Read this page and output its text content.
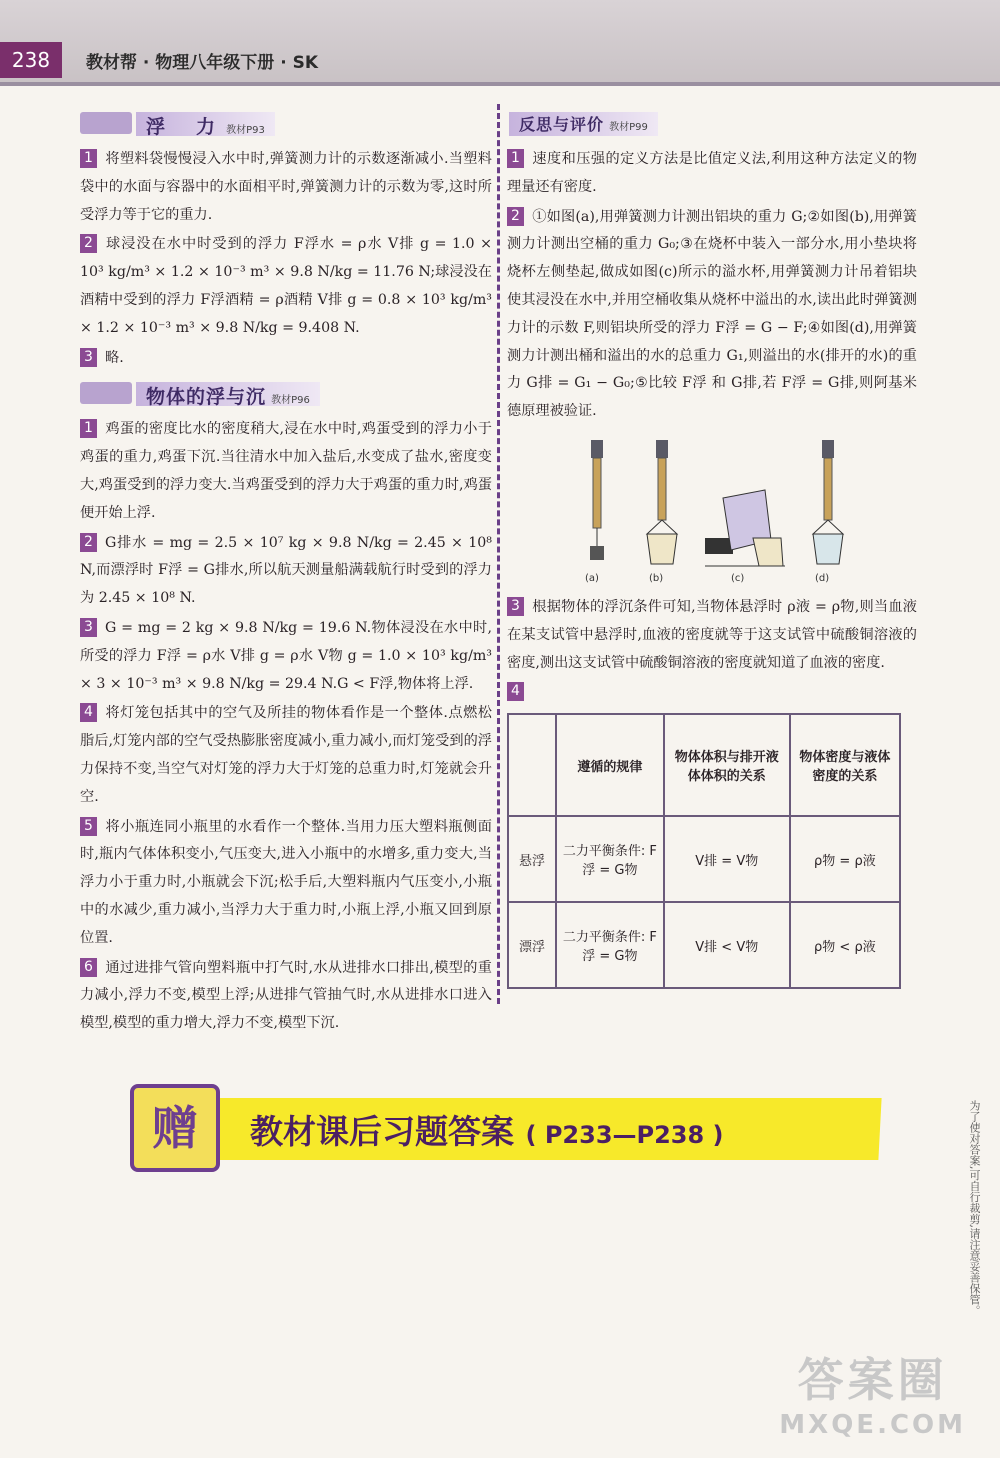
238	教材帮 · 物理八年级下册 · SK
浮　力 教材P93
1 将塑料袋慢慢浸入水中时,弹簧测力计的示数逐渐减小.当塑料袋中的水面与容器中的水面相平时,弹簧测力计的示数为零,这时所受浮力等于它的重力.
2 球浸没在水中时受到的浮力 F浮水 = ρ水 V排 g = 1.0 × 10³ kg/m³ × 1.2 × 10⁻³ m³ × 9.8 N/kg = 11.76 N;球浸没在酒精中受到的浮力 F浮酒精 = ρ酒精 V排 g = 0.8 × 10³ kg/m³ × 1.2 × 10⁻³ m³ × 9.8 N/kg = 9.408 N.
3 略.
物体的浮与沉 教材P96
1 鸡蛋的密度比水的密度稍大,浸在水中时,鸡蛋受到的浮力小于鸡蛋的重力,鸡蛋下沉.当往清水中加入盐后,水变成了盐水,密度变大,鸡蛋受到的浮力变大.当鸡蛋受到的浮力大于鸡蛋的重力时,鸡蛋便开始上浮.
2 G排水 = mg = 2.5 × 10⁷ kg × 9.8 N/kg = 2.45 × 10⁸ N,而漂浮时 F浮 = G排水,所以航天测量船满载航行时受到的浮力为 2.45 × 10⁸ N.
3 G = mg = 2 kg × 9.8 N/kg = 19.6 N.物体浸没在水中时,所受的浮力 F浮 = ρ水 V排 g = ρ水 V物 g = 1.0 × 10³ kg/m³ × 3 × 10⁻³ m³ × 9.8 N/kg = 29.4 N.G < F浮,物体将上浮.
4 将灯笼包括其中的空气及所挂的物体看作是一个整体.点燃松脂后,灯笼内部的空气受热膨胀密度减小,重力减小,而灯笼受到的浮力保持不变,当空气对灯笼的浮力大于灯笼的总重力时,灯笼就会升空.
5 将小瓶连同小瓶里的水看作一个整体.当用力压大塑料瓶侧面时,瓶内气体体积变小,气压变大,进入小瓶中的水增多,重力变大,当浮力小于重力时,小瓶就会下沉;松手后,大塑料瓶内气压变小,小瓶中的水减少,重力减小,当浮力大于重力时,小瓶上浮,小瓶又回到原位置.
6 通过进排气管向塑料瓶中打气时,水从进排水口排出,模型的重力减小,浮力不变,模型上浮;从进排气管抽气时,水从进排水口进入模型,模型的重力增大,浮力不变,模型下沉.
反思与评价 教材P99
1 速度和压强的定义方法是比值定义法,利用这种方法定义的物理量还有密度.
2 ①如图(a),用弹簧测力计测出铝块的重力 G;②如图(b),用弹簧测力计测出空桶的重力 G₀;③在烧杯中装入一部分水,用小垫块将烧杯左侧垫起,做成如图(c)所示的溢水杯,用弹簧测力计吊着铝块使其浸没在水中,并用空桶收集从烧杯中溢出的水,读出此时弹簧测力计的示数 F,则铝块所受的浮力 F浮 = G − F;④如图(d),用弹簧测力计测出桶和溢出的水的总重力 G₁,则溢出的水(排开的水)的重力 G排 = G₁ − G₀;⑤比较 F浮 和 G排,若 F浮 = G排,则阿基米德原理被验证.
(a)	(b)	(c)	(d)
3 根据物体的浮沉条件可知,当物体悬浮时 ρ液 = ρ物,则当血液在某支试管中悬浮时,血液的密度就等于这支试管中硫酸铜溶液的密度,测出这支试管中硫酸铜溶液的密度就知道了血液的密度.
4
	遵循的规律	物体体积与排开液体体积的关系	物体密度与液体密度的关系
悬浮	二力平衡条件: F浮 = G物	V排 = V物	ρ物 = ρ液
漂浮	二力平衡条件: F浮 = G物	V排 < V物	ρ物 < ρ液
赠	教材课后习题答案 ( P233—P238 )	为了使对答案,可自行裁剪,请注意妥善保管。
答案圈
MXQE.COM
